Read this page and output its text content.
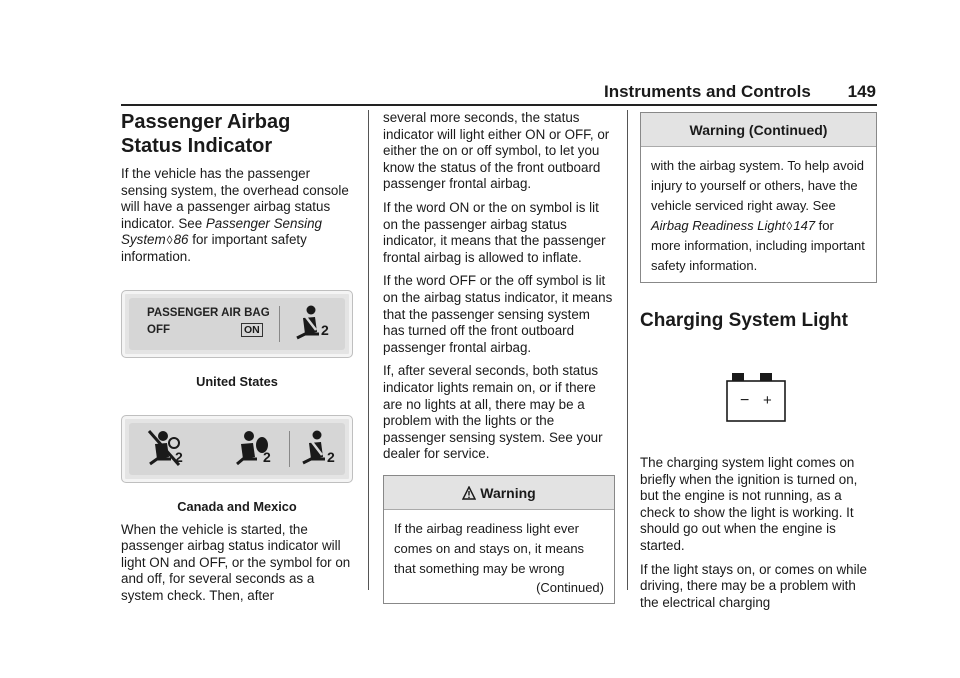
Instruments and Controls 149
Passenger Airbag Status Indicator

If the vehicle has the passenger sensing system, the overhead console will have a passenger airbag status indicator. See Passenger Sensing System◊86 for important safety information.

PASSENGER AIR BAG
OFF	ON	2
United States
2	2	2
Canada and Mexico

When the vehicle is started, the passenger airbag status indicator will light ON and OFF, or the symbol for on and off, for several seconds as a system check. Then, after

several more seconds, the status indicator will light either ON or OFF, or either the on or off symbol, to let you know the status of the front outboard passenger frontal airbag.

If the word ON or the on symbol is lit on the passenger airbag status indicator, it means that the passenger frontal airbag is allowed to inflate.

If the word OFF or the off symbol is lit on the airbag status indicator, it means that the passenger sensing system has turned off the front outboard passenger frontal airbag.

If, after several seconds, both status indicator lights remain on, or if there are no lights at all, there may be a problem with the lights or the passenger sensing system. See your dealer for service.

Warning

If the airbag readiness light ever comes on and stays on, it means that something may be wrong

(Continued)
Warning (Continued)

with the airbag system. To help avoid injury to yourself or others, have the vehicle serviced right away. See Airbag Readiness Light◊147 for more information, including important safety information.

Charging System Light
− +

The charging system light comes on briefly when the ignition is turned on, but the engine is not running, as a check to show the light is working. It should go out when the engine is started.

If the light stays on, or comes on while driving, there may be a problem with the electrical charging
